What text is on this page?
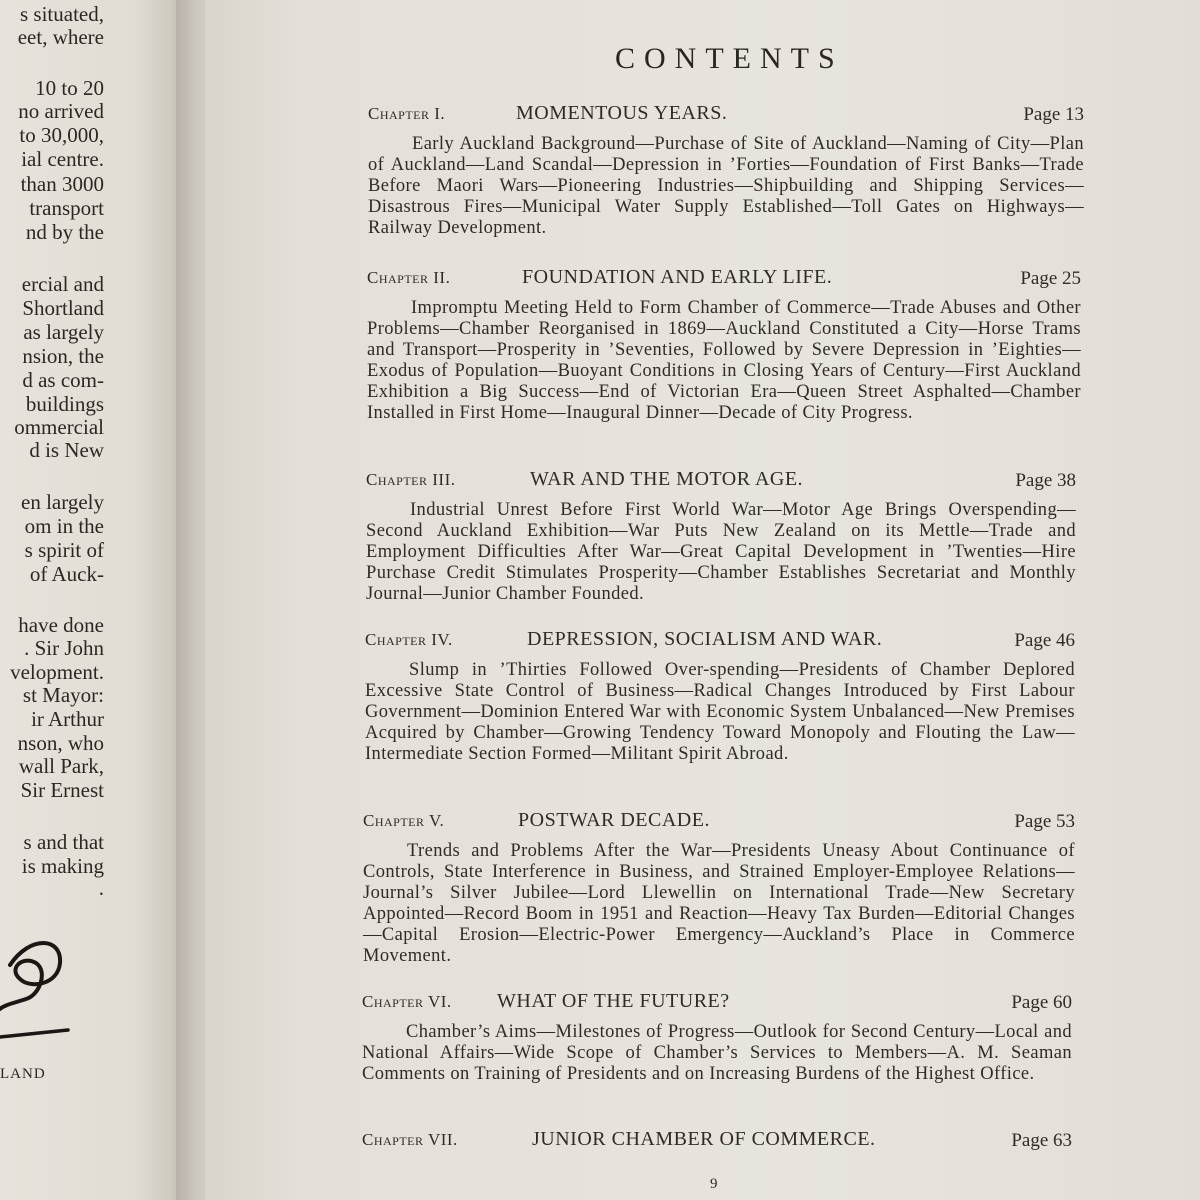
s situated,
eet, where
10 to 20
no arrived
to 30,000,
ial centre.
than 3000
transport
nd by the
ercial and
Shortland
as largely
nsion, the
d as com-
buildings
ommercial
d is New
en largely
om in the
s spirit of
of Auck-
have done
. Sir John
velopment.
st Mayor:
ir Arthur
nson, who
wall Park,
Sir Ernest
s and that
is making
.
LAND
CONTENTS
Chapter I.	MOMENTOUS YEARS.	Page 13
Early Auckland Background—Purchase of Site of Auckland—Naming of City—Plan of Auckland—Land Scandal—Depression in ’Forties—Foundation of First Banks—Trade Before Maori Wars—Pioneering Industries—Shipbuilding and Shipping Services—Disastrous Fires—Municipal Water Supply Established—Toll Gates on Highways—Railway Development.
Chapter II.	FOUNDATION AND EARLY LIFE.	Page 25
Impromptu Meeting Held to Form Chamber of Commerce—Trade Abuses and Other Problems—Chamber Reorganised in 1869—Auckland Constituted a City—Horse Trams and Transport—Prosperity in ’Seventies, Followed by Severe Depression in ’Eighties—Exodus of Population—Buoyant Conditions in Closing Years of Century—First Auckland Exhibition a Big Success—End of Victorian Era—Queen Street Asphalted—Chamber Installed in First Home—Inaugural Dinner—Decade of City Progress.
Chapter III.	WAR AND THE MOTOR AGE.	Page 38
Industrial Unrest Before First World War—Motor Age Brings Overspending—Second Auckland Exhibition—War Puts New Zealand on its Mettle—Trade and Employment Difficulties After War—Great Capital Development in ’Twenties—Hire Purchase Credit Stimulates Prosperity—Chamber Establishes Secretariat and Monthly Journal—Junior Chamber Founded.
Chapter IV.	DEPRESSION, SOCIALISM AND WAR.	Page 46
Slump in ’Thirties Followed Over-spending—Presidents of Chamber Deplored Excessive State Control of Business—Radical Changes Introduced by First Labour Government—Dominion Entered War with Economic System Unbalanced—New Premises Acquired by Chamber—Growing Tendency Toward Monopoly and Flouting the Law—Intermediate Section Formed—Militant Spirit Abroad.
Chapter V.	POSTWAR DECADE.	Page 53
Trends and Problems After the War—Presidents Uneasy About Continuance of Controls, State Interference in Business, and Strained Employer-Employee Relations—Journal’s Silver Jubilee—Lord Llewellin on International Trade—New Secretary Appointed—Record Boom in 1951 and Reaction—Heavy Tax Burden—Editorial Changes—Capital Erosion—Electric-Power Emergency—Auckland’s Place in Commerce Movement.
Chapter VI. WHAT OF THE FUTURE?	Page 60
Chamber’s Aims—Milestones of Progress—Outlook for Second Century—Local and National Affairs—Wide Scope of Chamber’s Services to Members—A. M. Seaman Comments on Training of Presidents and on Increasing Burdens of the Highest Office.
Chapter VII.	JUNIOR CHAMBER OF COMMERCE.	Page 63
9
